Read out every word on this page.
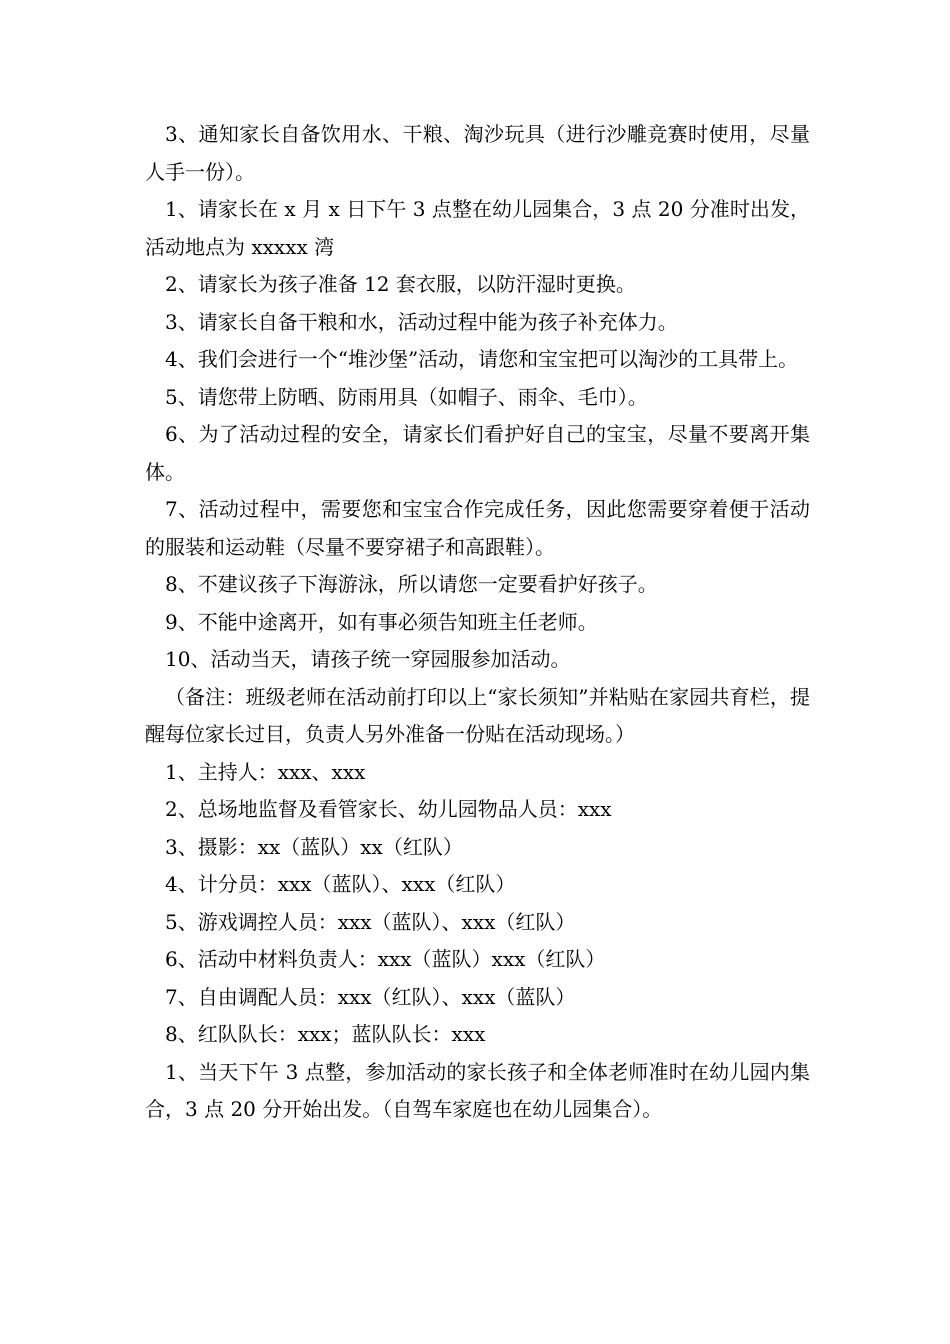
3、通知家长自备饮用水、干粮、淘沙玩具（进行沙雕竞赛时使用，尽量人手一份）。

1、请家长在 x 月 x 日下午 3 点整在幼儿园集合，3 点 20 分准时出发，活动地点为 xxxxx 湾

2、请家长为孩子准备 12 套衣服，以防汗湿时更换。

3、请家长自备干粮和水，活动过程中能为孩子补充体力。

4、我们会进行一个“堆沙堡”活动，请您和宝宝把可以淘沙的工具带上。

5、请您带上防晒、防雨用具（如帽子、雨伞、毛巾）。

6、为了活动过程的安全，请家长们看护好自己的宝宝，尽量不要离开集体。

7、活动过程中，需要您和宝宝合作完成任务，因此您需要穿着便于活动的服装和运动鞋（尽量不要穿裙子和高跟鞋）。

8、不建议孩子下海游泳，所以请您一定要看护好孩子。

9、不能中途离开，如有事必须告知班主任老师。

10、活动当天，请孩子统一穿园服参加活动。

（备注：班级老师在活动前打印以上“家长须知”并粘贴在家园共育栏，提醒每位家长过目，负责人另外准备一份贴在活动现场。）

1、主持人：xxx、xxx

2、总场地监督及看管家长、幼儿园物品人员：xxx

3、摄影：xx（蓝队）xx（红队）

4、计分员：xxx（蓝队）、xxx（红队）

5、游戏调控人员：xxx（蓝队）、xxx（红队）

6、活动中材料负责人：xxx（蓝队）xxx（红队）

7、自由调配人员：xxx（红队）、xxx（蓝队）

8、红队队长：xxx；蓝队队长：xxx

1、当天下午 3 点整，参加活动的家长孩子和全体老师准时在幼儿园内集合，3 点 20 分开始出发。（自驾车家庭也在幼儿园集合）。
